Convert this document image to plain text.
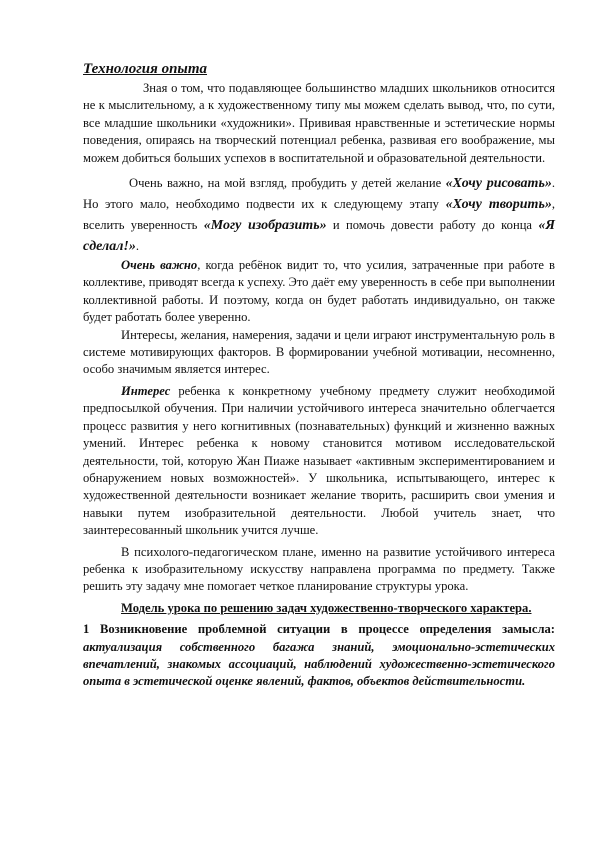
Технология опыта

Зная о том, что подавляющее большинство младших школьников относится не к мыслительному, а к художественному типу мы можем сделать вывод, что, по сути, все младшие школьники «художники». Прививая нравственные и эстетические нормы поведения, опираясь на творческий потенциал ребенка, развивая его воображение, мы можем добиться больших успехов в воспитательной и образовательной деятельности.

Очень важно, на мой взгляд, пробудить у детей желание «Хочу рисовать». Но этого мало, необходимо подвести их к следующему этапу «Хочу творить», вселить уверенность «Могу изобразить» и помочь довести работу до конца «Я сделал!».

Очень важно, когда ребёнок видит то, что усилия, затраченные при работе в коллективе, приводят всегда к успеху. Это даёт ему уверенность в себе при выполнении коллективной работы. И поэтому, когда он будет работать индивидуально, он также будет работать более уверенно.

Интересы, желания, намерения, задачи и цели играют инструментальную роль в системе мотивирующих факторов. В формировании учебной мотивации, несомненно, особо значимым является интерес.

Интерес ребенка к конкретному учебному предмету служит необходимой предпосылкой обучения. При наличии устойчивого интереса значительно облегчается процесс развития у него когнитивных (познавательных) функций и жизненно важных умений. Интерес ребенка к новому становится мотивом исследовательской деятельности, той, которую Жан Пиаже называет «активным экспериментированием и обнаружением новых возможностей». У школьника, испытывающего, интерес к художественной деятельности возникает желание творить, расширить свои умения и навыки путем изобразительной деятельности. Любой учитель знает, что заинтересованный школьник учится лучше.

В психолого-педагогическом плане, именно на развитие устойчивого интереса ребенка к изобразительному искусству направлена программа по предмету. Также решить эту задачу мне помогает четкое планирование структуры урока.

Модель урока по решению задач художественно-творческого характера.

1 Возникновение проблемной ситуации в процессе определения замысла: актуализация собственного багажа знаний, эмоционально-эстетических впечатлений, знакомых ассоциаций, наблюдений художественно-эстетического опыта в эстетической оценке явлений, фактов, объектов действительности.
